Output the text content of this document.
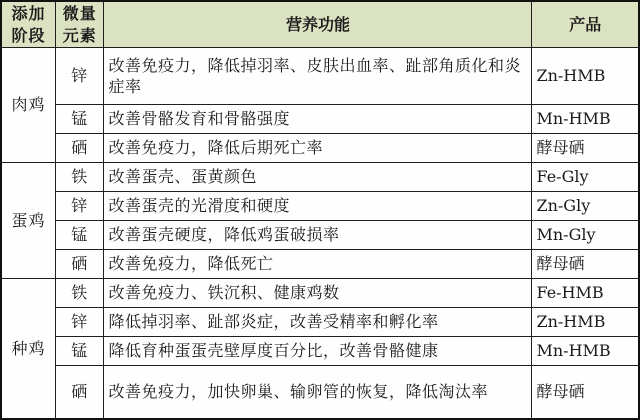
添加阶段	微量元素	营养功能	产品
肉鸡	锌	改善免疫力，降低掉羽率、皮肤出血率、趾部角质化和炎症率	Zn-HMB
	锰	改善骨骼发育和骨骼强度	Mn-HMB
	硒	改善免疫力，降低后期死亡率	酵母硒
蛋鸡	铁	改善蛋壳、蛋黄颜色	Fe-Gly
	锌	改善蛋壳的光滑度和硬度	Zn-Gly
	锰	改善蛋壳硬度，降低鸡蛋破损率	Mn-Gly
	硒	改善免疫力，降低死亡	酵母硒
种鸡	铁	改善免疫力、铁沉积、健康鸡数	Fe-HMB
	锌	降低掉羽率、趾部炎症，改善受精率和孵化率	Zn-HMB
	锰	降低育种蛋蛋壳壁厚度百分比，改善骨骼健康	Mn-HMB
	硒	改善免疫力，加快卵巢、输卵管的恢复，降低淘汰率	酵母硒
